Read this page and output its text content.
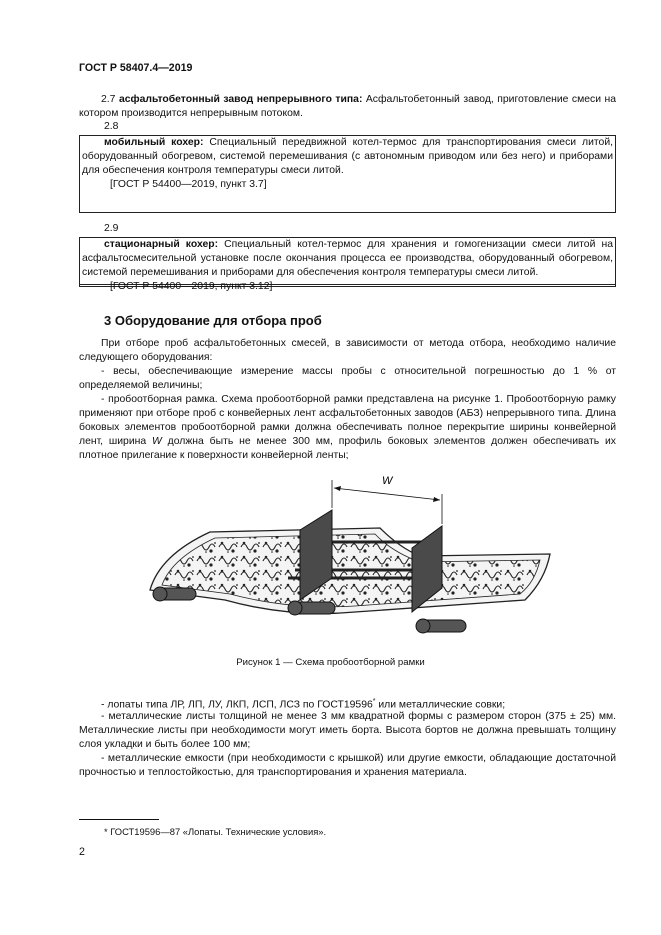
ГОСТ Р 58407.4—2019
2.7 асфальтобетонный завод непрерывного типа: Асфальтобетонный завод, приготовление смеси на котором производится непрерывным потоком.
2.8
мобильный кохер: Специальный передвижной котел-термос для транспортирования смеси литой, оборудованный обогревом, системой перемешивания (с автономным приводом или без него) и приборами для обеспечения контроля температуры смеси литой.
[ГОСТ Р 54400—2019, пункт 3.7]
2.9
стационарный кохер: Специальный котел-термос для хранения и гомогенизации смеси литой на асфальтосмесительной установке после окончания процесса ее производства, оборудованный обогревом, системой перемешивания и приборами для обеспечения контроля температуры смеси литой.
[ГОСТ Р 54400—2019, пункт 3.12]
3 Оборудование для отбора проб
При отборе проб асфальтобетонных смесей, в зависимости от метода отбора, необходимо наличие следующего оборудования:
- весы, обеспечивающие измерение массы пробы с относительной погрешностью до 1 % от определяемой величины;
- пробоотборная рамка. Схема пробоотборной рамки представлена на рисунке 1. Пробоотборную рамку применяют при отборе проб с конвейерных лент асфальтобетонных заводов (АБЗ) непрерывного типа. Длина боковых элементов пробоотборной рамки должна обеспечивать полное перекрытие ширины конвейерной лент, ширина W должна быть не менее 300 мм, профиль боковых элементов должен обеспечивать их плотное прилегание к поверхности конвейерной ленты;
W
Рисунок 1 — Схема пробоотборной рамки
- лопаты типа ЛР, ЛП, ЛУ, ЛКП, ЛСП, ЛСЗ по ГОСТ19596* или металлические совки;
- металлические листы толщиной не менее 3 мм квадратной формы с размером сторон (375 ± 25) мм. Металлические листы при необходимости могут иметь борта. Высота бортов не должна превышать толщину слоя укладки и быть более 100 мм;
- металлические емкости (при необходимости с крышкой) или другие емкости, обладающие достаточной прочностью и теплостойкостью, для транспортирования и хранения материала.
* ГОСТ19596—87 «Лопаты. Технические условия».
2
